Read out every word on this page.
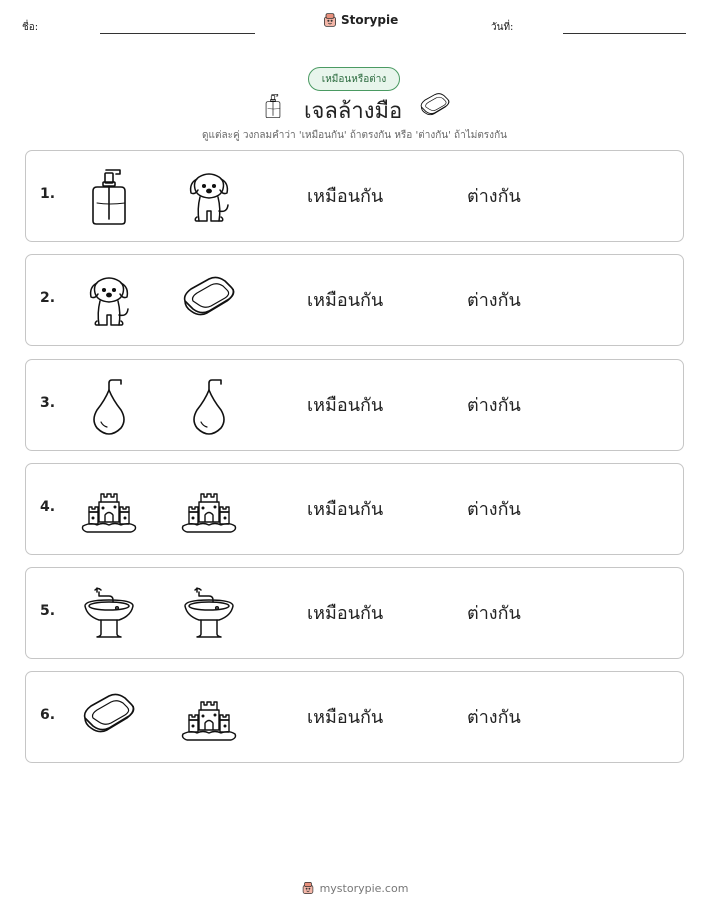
ชื่อ:
Storypie
วันที่:
เหมือนหรือต่าง
เจลล้างมือ
ดูแต่ละคู่ วงกลมคำว่า 'เหมือนกัน' ถ้าตรงกัน หรือ 'ต่างกัน' ถ้าไม่ตรงกัน
1.	เหมือนกัน	ต่างกัน
2.	เหมือนกัน	ต่างกัน
3.	เหมือนกัน	ต่างกัน
4.	เหมือนกัน	ต่างกัน
5.	เหมือนกัน	ต่างกัน
6.	เหมือนกัน	ต่างกัน
mystorypie.com
